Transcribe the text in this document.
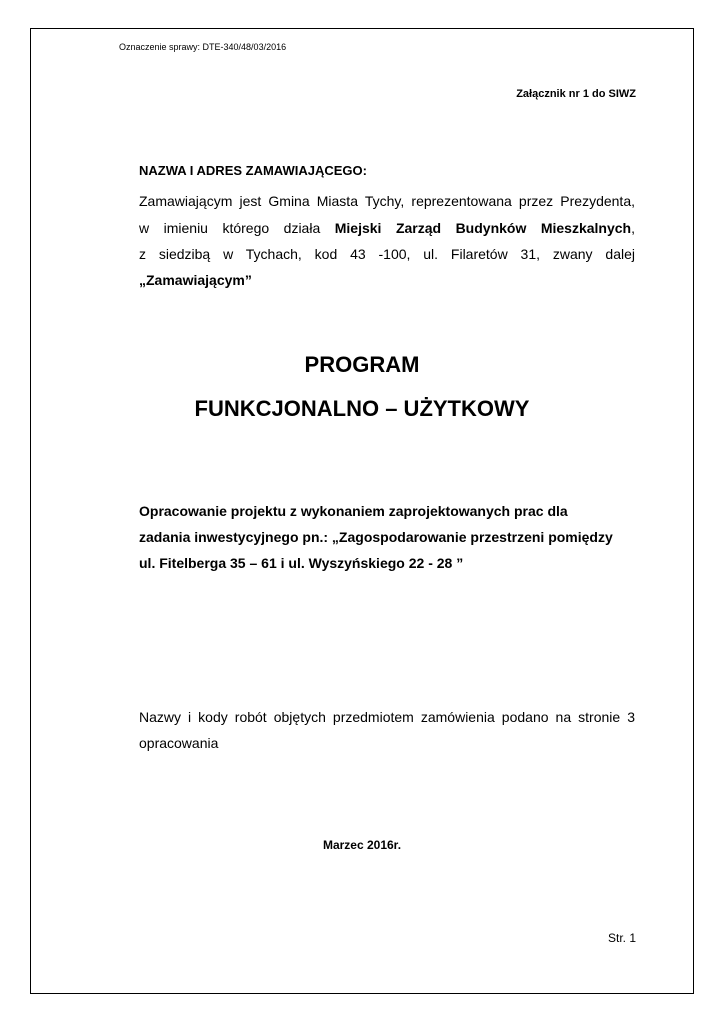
Oznaczenie sprawy: DTE-340/48/03/2016
Załącznik nr 1 do SIWZ
NAZWA I ADRES ZAMAWIAJĄCEGO:
Zamawiającym jest Gmina Miasta Tychy, reprezentowana przez Prezydenta,
w imieniu którego działa Miejski Zarząd Budynków Mieszkalnych,
z siedzibą w Tychach, kod 43 -100, ul. Filaretów 31, zwany dalej
„Zamawiającym”
PROGRAM
FUNKCJONALNO – UŻYTKOWY
Opracowanie projektu z wykonaniem zaprojektowanych prac dla
zadania inwestycyjnego pn.: „Zagospodarowanie przestrzeni pomiędzy
ul. Fitelberga 35 – 61 i ul. Wyszyńskiego 22 - 28 ”
Nazwy i kody robót objętych przedmiotem zamówienia podano na stronie 3
opracowania
Marzec 2016r.
Str. 1
